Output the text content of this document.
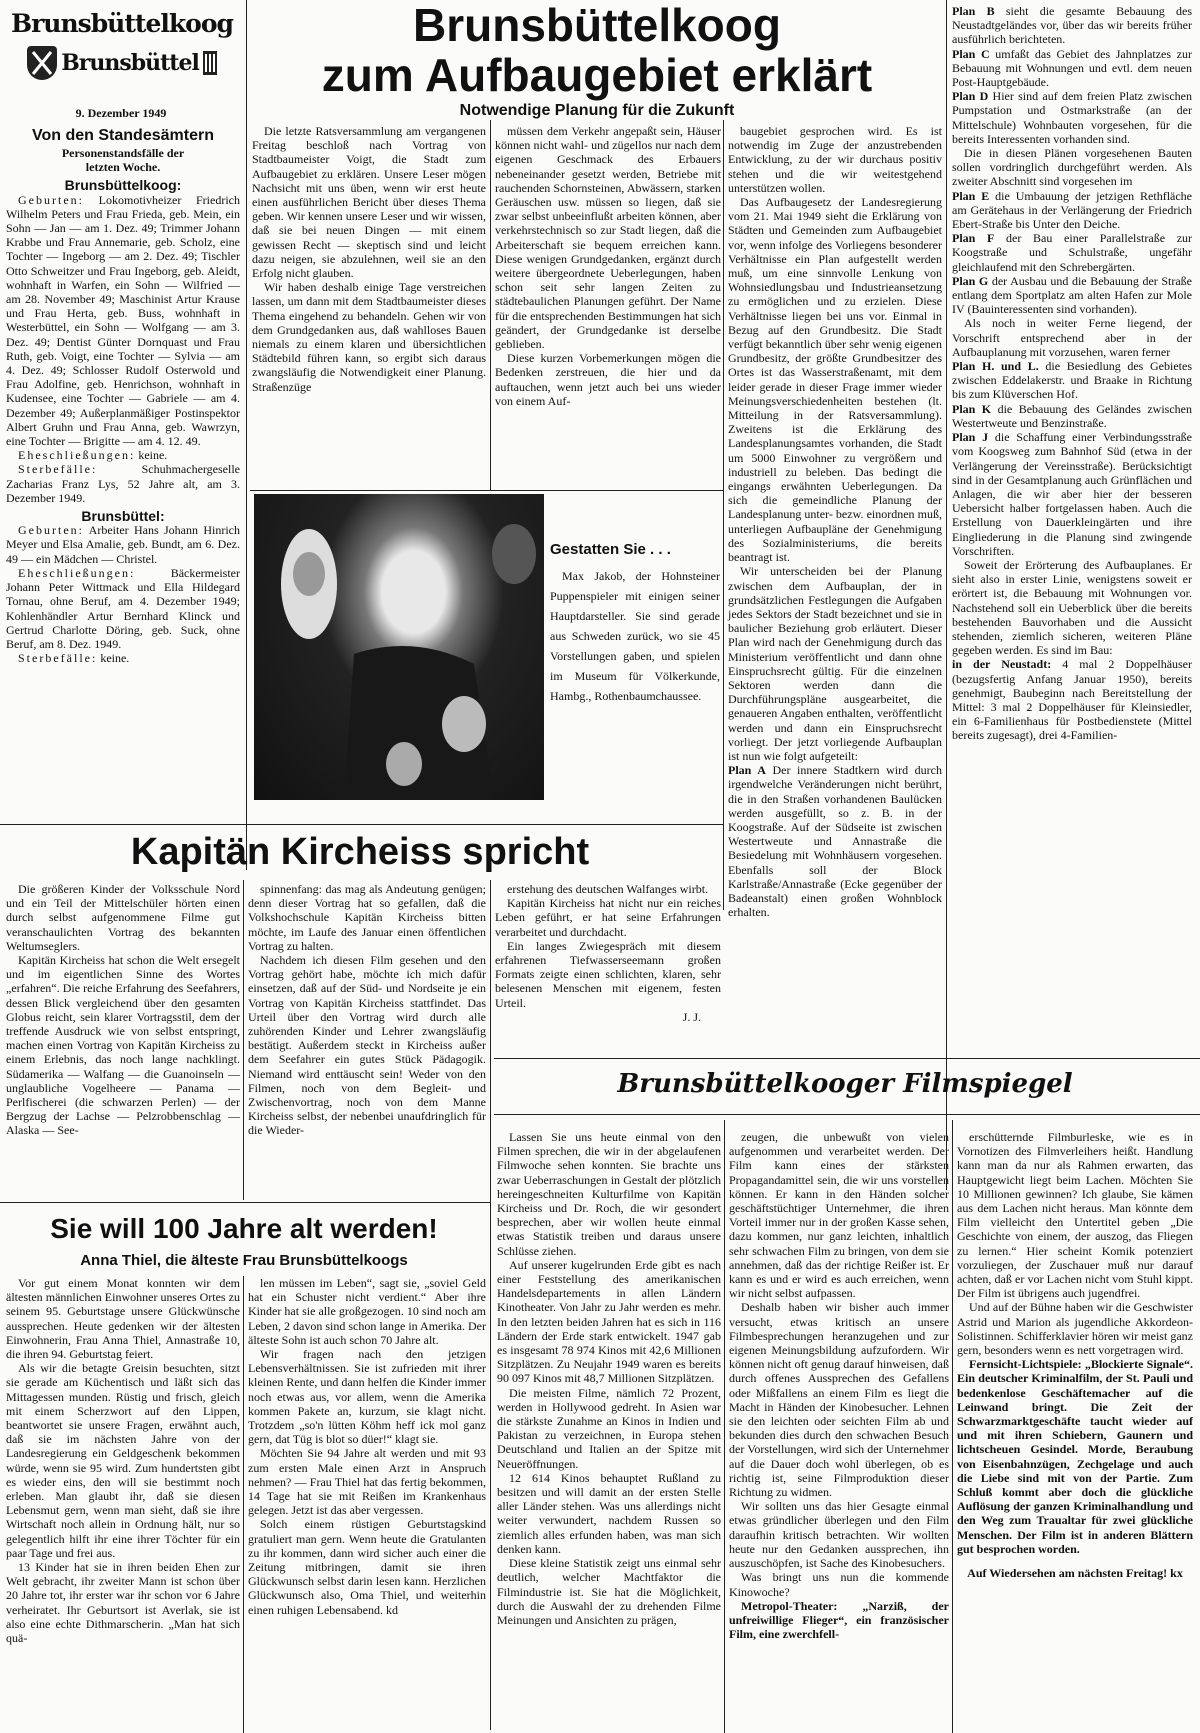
Brunsbüttelkoog
Brunsbüttel
9. Dezember 1949
Von den Standesämtern
Personenstandsfälle der letzten Woche.
Brunsbüttelkoog:

Geburten: Lokomotivheizer Friedrich Wilhelm Peters und Frau Frieda, geb. Mein, ein Sohn — Jan — am 1. Dez. 49; Trimmer Johann Krabbe und Frau Annemarie, geb. Scholz, eine Tochter — Ingeborg — am 2. Dez. 49; Tischler Otto Schweitzer und Frau Ingeborg, geb. Aleidt, wohnhaft in Warfen, ein Sohn — Wilfried — am 28. November 49; Maschinist Artur Krause und Frau Herta, geb. Buss, wohnhaft in Westerbüttel, ein Sohn — Wolfgang — am 3. Dez. 49; Dentist Günter Dornquast und Frau Ruth, geb. Voigt, eine Tochter — Sylvia — am 4. Dez. 49; Schlosser Rudolf Osterwold und Frau Adolfine, geb. Henrichson, wohnhaft in Kudensee, eine Tochter — Gabriele — am 4. Dezember 49; Außerplanmäßiger Postinspektor Albert Gruhn und Frau Anna, geb. Wawrzyn, eine Tochter — Brigitte — am 4. 12. 49.

Eheschließungen: keine.

Sterbefälle:	Schuhmachergeselle Zacharias Franz Lys, 52 Jahre alt, am 3. Dezember 1949.

Brunsbüttel:

Geburten: Arbeiter Hans Johann Hinrich Meyer und Elsa Amalie, geb. Bundt, am 6. Dez. 49 — ein Mädchen — Christel.

Eheschließungen:	Bäckermeister Johann Peter Wittmack und Ella Hildegard Tornau, ohne Beruf, am 4. Dezember 1949; Kohlenhändler Artur Bernhard Klinck und Gertrud Charlotte Döring, geb. Suck, ohne Beruf, am 8. Dez. 1949.

Sterbefälle: keine.

Brunsbüttelkoog
zum Aufbaugebiet erklärt
Notwendige Planung für die Zukunft

Die letzte Ratsversammlung am vergangenen Freitag beschloß nach Vortrag von Stadtbaumeister Voigt, die Stadt zum Aufbaugebiet zu erklären. Unsere Leser mögen Nachsicht mit uns üben, wenn wir erst heute einen ausführlichen Bericht über dieses Thema geben. Wir kennen unsere Leser und wir wissen, daß sie bei neuen Dingen — mit einem gewissen Recht — skeptisch sind und leicht dazu neigen, sie abzulehnen, weil sie an den Erfolg nicht glauben.

Wir haben deshalb einige Tage verstreichen lassen, um dann mit dem Stadtbaumeister dieses Thema eingehend zu behandeln. Gehen wir von dem Grundgedanken aus, daß wahlloses Bauen niemals zu einem klaren und übersichtlichen Städtebild führen kann, so ergibt sich daraus zwangsläufig die Notwendigkeit einer Planung. Straßenzüge

müssen dem Verkehr angepaßt sein, Häuser können nicht wahl- und zügellos nur nach dem eigenen Geschmack des Erbauers nebeneinander gesetzt werden, Betriebe mit rauchenden Schornsteinen, Abwässern, starken Geräuschen usw. müssen so liegen, daß sie zwar selbst unbeeinflußt arbeiten können, aber verkehrstechnisch so zur Stadt liegen, daß die Arbeiterschaft sie bequem erreichen kann. Diese wenigen Grundgedanken, ergänzt durch weitere übergeordnete Ueberlegungen, haben schon seit sehr langen Zeiten zu städtebaulichen Planungen geführt. Der Name für die entsprechenden Bestimmungen hat sich geändert, der Grundgedanke ist derselbe geblieben.

Diese kurzen Vorbemerkungen mögen die Bedenken zerstreuen, die hier und da auftauchen, wenn jetzt auch bei uns wieder von einem Auf-

baugebiet gesprochen wird. Es ist notwendig im Zuge der anzustrebenden Entwicklung, zu der wir durchaus positiv stehen und die wir weitestgehend unterstützen wollen.

Das Aufbaugesetz der Landesregierung vom 21. Mai 1949 sieht die Erklärung von Städten und Gemeinden zum Aufbaugebiet vor, wenn infolge des Vorliegens besonderer Verhältnisse ein Plan aufgestellt werden muß, um eine sinnvolle Lenkung von Wohnsiedlungsbau und Industrieansetzung zu ermöglichen und zu erzielen. Diese Verhältnisse liegen bei uns vor. Einmal in Bezug auf den Grundbesitz. Die Stadt verfügt bekanntlich über sehr wenig eigenen Grundbesitz, der größte Grundbesitzer des Ortes ist das Wasserstraßenamt, mit dem leider gerade in dieser Frage immer wieder Meinungsverschiedenheiten bestehen (lt. Mitteilung in der Ratsversammlung). Zweitens ist die Erklärung des Landesplanungsamtes vorhanden, die Stadt um 5000 Einwohner zu vergrößern und industriell zu beleben. Das bedingt die eingangs erwähnten Ueberlegungen. Da sich die gemeindliche Planung der Landesplanung unter- bezw. einordnen muß, unterliegen Aufbaupläne der Genehmigung des Sozialministeriums, die bereits beantragt ist.

Wir unterscheiden bei der Planung zwischen dem Aufbauplan, der in grundsätzlichen Festlegungen die Aufgaben jedes Sektors der Stadt bezeichnet und sie in baulicher Beziehung grob erläutert. Dieser Plan wird nach der Genehmigung durch das Ministerium veröffentlicht und dann ohne Einspruchsrecht gültig. Für die einzelnen Sektoren werden dann die Durchführungspläne ausgearbeitet, die genaueren Angaben enthalten, veröffentlicht werden und dann ein Einspruchsrecht vorliegt. Der jetzt vorliegende Aufbauplan ist nun wie folgt aufgeteilt:

Plan A Der innere Stadtkern wird durch irgendwelche Veränderungen nicht berührt, die in den Straßen vorhandenen Baulücken werden ausgefüllt, so z. B. in der Koogstraße. Auf der Südseite ist zwischen Westertweute und Annastraße die Besiedelung mit Wohnhäusern vorgesehen. Ebenfalls soll der Block Karlstraße/Annastraße (Ecke gegenüber der Badeanstalt) einen großen Wohnblock erhalten.

Plan B sieht die gesamte Bebauung des Neustadtgeländes vor, über das wir bereits früher ausführlich berichteten.

Plan C umfaßt das Gebiet des Jahnplatzes zur Bebauung mit Wohnungen und evtl. dem neuen Post-Hauptgebäude.

Plan D Hier sind auf dem freien Platz zwischen Pumpstation und Ostmarkstraße (an der Mittelschule) Wohnbauten vorgesehen, für die bereits Interessenten vorhanden sind.

Die in diesen Plänen vorgesehenen Bauten sollen vordringlich durchgeführt werden. Als zweiter Abschnitt sind vorgesehen im

Plan E die Umbauung der jetzigen Rethfläche am Gerätehaus in der Verlängerung der Friedrich Ebert-Straße bis Unter den Deiche.

Plan F der Bau einer Parallelstraße zur Koogstraße und Schulstraße, ungefähr gleichlaufend mit den Schrebergärten.

Plan G der Ausbau und die Bebauung der Straße entlang dem Sportplatz am alten Hafen zur Mole IV (Bauinteressenten sind vorhanden).

Als noch in weiter Ferne liegend, der Vorschrift entsprechend aber in der Aufbauplanung mit vorzusehen, waren ferner

Plan H. und L. die Besiedlung des Gebietes zwischen Eddelakerstr. und Braake in Richtung bis zum Klüverschen Hof.

Plan K die Bebauung des Geländes zwischen Westertweute und Benzinstraße.

Plan J die Schaffung einer Verbindungsstraße vom Koogsweg zum Bahnhof Süd (etwa in der Verlängerung der Vereinsstraße). Berücksichtigt sind in der Gesamtplanung auch Grünflächen und Anlagen, die wir aber hier der besseren Uebersicht halber fortgelassen haben. Auch die Erstellung von Dauerkleingärten und ihre Eingliederung in die Planung sind zwingende Vorschriften.

Soweit der Erörterung des Aufbauplanes. Er sieht also in erster Linie, wenigstens soweit er erörtert ist, die Bebauung mit Wohnungen vor. Nachstehend soll ein Ueberblick über die bereits bestehenden Bauvorhaben und die Aussicht stehenden, ziemlich sicheren, weiteren Pläne gegeben werden. Es sind im Bau:

in der Neustadt: 4 mal 2 Doppelhäuser (bezugsfertig Anfang Januar 1950), bereits genehmigt, Baubeginn nach Bereitstellung der Mittel: 3 mal 2 Doppelhäuser für Kleinsiedler, ein 6-Familienhaus für Postbedienstete (Mittel bereits zugesagt), drei 4-Familien-

Gestatten Sie . . .

Max Jakob, der Hohnsteiner Puppenspieler mit einigen seiner Hauptdarsteller. Sie sind gerade aus Schweden zurück, wo sie 45 Vorstellungen gaben, und spielen im Museum für Völkerkunde, Hambg., Rothenbaumchaussee.

Kapitän Kircheiss spricht

Die größeren Kinder der Volksschule Nord und ein Teil der Mittelschüler hörten einen durch selbst aufgenommene Filme gut veranschaulichten Vortrag des bekannten Weltumseglers.

Kapitän Kircheiss hat schon die Welt ersegelt und im eigentlichen Sinne des Wortes „erfahren“. Die reiche Erfahrung des Seefahrers, dessen Blick vergleichend über den gesamten Globus reicht, sein klarer Vortragsstil, dem der treffende Ausdruck wie von selbst entspringt, machen einen Vortrag von Kapitän Kircheiss zu einem Erlebnis, das noch lange nachklingt. Südamerika — Walfang — die Guanoinseln — unglaubliche Vogelheere — Panama — Perlfischerei (die schwarzen Perlen) — der Bergzug der Lachse — Pelzrobbenschlag — Alaska — See-

spinnenfang: das mag als Andeutung genügen; denn dieser Vortrag hat so gefallen, daß die Volkshochschule Kapitän Kircheiss bitten möchte, im Laufe des Januar einen öffentlichen Vortrag zu halten.

Nachdem ich diesen Film gesehen und den Vortrag gehört habe, möchte ich mich dafür einsetzen, daß auf der Süd- und Nordseite je ein Vortrag von Kapitän Kircheiss stattfindet. Das Urteil über den Vortrag wird durch alle zuhörenden Kinder und Lehrer zwangsläufig bestätigt. Außerdem steckt in Kircheiss außer dem Seefahrer ein gutes Stück Pädagogik. Niemand wird enttäuscht sein! Weder von den Filmen, noch von dem Begleit- und Zwischenvortrag, noch von dem Manne Kircheiss selbst, der nebenbei unaufdringlich für die Wieder-

erstehung des deutschen Walfanges wirbt.

Kapitän Kircheiss hat nicht nur ein reiches Leben geführt, er hat seine Erfahrungen verarbeitet und durchdacht.

Ein langes Zwiegespräch mit diesem erfahrenen Tiefwasserseemann großen Formats zeigte einen schlichten, klaren, sehr belesenen Menschen mit eigenem, festen Urteil.

J. J.
Brunsbüttelkooger Filmspiegel

Lassen Sie uns heute einmal von den Filmen sprechen, die wir in der abgelaufenen Filmwoche sehen konnten. Sie brachte uns zwar Ueberraschungen in Gestalt der plötzlich hereingeschneiten Kulturfilme von Kapitän Kircheiss und Dr. Roch, die wir gesondert besprechen, aber wir wollen heute einmal etwas Statistik treiben und daraus unsere Schlüsse ziehen.

Auf unserer kugelrunden Erde gibt es nach einer Feststellung des amerikanischen Handelsdepartements in allen Ländern Kinotheater. Von Jahr zu Jahr werden es mehr. In den letzten beiden Jahren hat es sich in 116 Ländern der Erde stark entwickelt. 1947 gab es insgesamt 78 974 Kinos mit 42,6 Millionen Sitzplätzen. Zu Neujahr 1949 waren es bereits 90 097 Kinos mit 48,7 Millionen Sitzplätzen.

Die meisten Filme, nämlich 72 Prozent, werden in Hollywood gedreht. In Asien war die stärkste Zunahme an Kinos in Indien und Pakistan zu verzeichnen, in Europa stehen Deutschland und Italien an der Spitze mit Neueröffnungen.

12 614 Kinos behauptet Rußland zu besitzen und will damit an der ersten Stelle aller Länder stehen. Was uns allerdings nicht weiter verwundert, nachdem Russen so ziemlich alles erfunden haben, was man sich denken kann.

Diese kleine Statistik zeigt uns einmal sehr deutlich, welcher Machtfaktor die Filmindustrie ist. Sie hat die Möglichkeit, durch die Auswahl der zu drehenden Filme Meinungen und Ansichten zu prägen,

zeugen, die unbewußt von vielen aufgenommen und verarbeitet werden. Der Film kann eines der stärksten Propagandamittel sein, die wir uns vorstellen können. Er kann in den Händen solcher geschäftstüchtiger Unternehmer, die ihren Vorteil immer nur in der großen Kasse sehen, dazu kommen, nur ganz leichten, inhaltlich sehr schwachen Film zu bringen, von dem sie annehmen, daß das der richtige Reißer ist. Er kann es und er wird es auch erreichen, wenn wir nicht selbst aufpassen.

Deshalb haben wir bisher auch immer versucht, etwas kritisch an unsere Filmbesprechungen heranzugehen und zur eigenen Meinungsbildung aufzufordern. Wir können nicht oft genug darauf hinweisen, daß durch offenes Aussprechen des Gefallens oder Mißfallens an einem Film es liegt die Macht in Händen der Kinobesucher. Lehnen sie den leichten oder seichten Film ab und bekunden dies durch den schwachen Besuch der Vorstellungen, wird sich der Unternehmer auf die Dauer doch wohl überlegen, ob es richtig ist, seine Filmproduktion dieser Richtung zu widmen.

Wir sollten uns das hier Gesagte einmal etwas gründlicher überlegen und den Film daraufhin kritisch betrachten. Wir wollten heute nur den Gedanken aussprechen, ihn auszuschöpfen, ist Sache des Kinobesuchers.

Was bringt uns nun die kommende Kinowoche?

Metropol-Theater: „Narziß, der unfreiwillige Flieger“, ein französischer Film, eine zwerchfell-

erschütternde Filmburleske, wie es in Vornotizen des Filmverleihers heißt. Handlung kann man da nur als Rahmen erwarten, das Hauptgewicht liegt beim Lachen. Möchten Sie 10 Millionen gewinnen? Ich glaube, Sie kämen aus dem Lachen nicht heraus. Man könnte dem Film vielleicht den Untertitel geben „Die Geschichte von einem, der auszog, das Fliegen zu lernen.“ Hier scheint Komik potenziert vorzuliegen, der Zuschauer muß nur darauf achten, daß er vor Lachen nicht vom Stuhl kippt. Der Film ist übrigens auch jugendfrei.

Und auf der Bühne haben wir die Geschwister Astrid und Marion als jugendliche Akkordeon-Solistinnen. Schifferklavier hören wir meist ganz gern, besonders wenn es nett vorgetragen wird.

Fernsicht-Lichtspiele: „Blockierte Signale“. Ein deutscher Kriminalfilm, der St. Pauli und bedenkenlose Geschäftemacher auf die Leinwand bringt. Die Zeit der Schwarzmarktgeschäfte taucht wieder auf und mit ihren Schiebern, Gaunern und lichtscheuen Gesindel. Morde, Beraubung von Eisenbahnzügen, Zechgelage und auch die Liebe sind mit von der Partie. Zum Schluß kommt aber doch die glückliche Auflösung der ganzen Kriminalhandlung und den Weg zum Traualtar für zwei glückliche Menschen. Der Film ist in anderen Blättern gut besprochen worden.

Auf Wiedersehen am nächsten Freitag! kx

Sie will 100 Jahre alt werden!
Anna Thiel, die älteste Frau Brunsbüttelkoogs

Vor gut einem Monat konnten wir dem ältesten männlichen Einwohner unseres Ortes zu seinem 95. Geburtstage unsere Glückwünsche aussprechen. Heute gedenken wir der ältesten Einwohnerin, Frau Anna Thiel, Annastraße 10, die ihren 94. Geburtstag feiert.

Als wir die betagte Greisin besuchten, sitzt sie gerade am Küchentisch und läßt sich das Mittagessen munden. Rüstig und frisch, gleich mit einem Scherzwort auf den Lippen, beantwortet sie unsere Fragen, erwähnt auch, daß sie im nächsten Jahre von der Landesregierung ein Geldgeschenk bekommen würde, wenn sie 95 wird. Zum hundertsten gibt es wieder eins, den will sie bestimmt noch erleben. Man glaubt ihr, daß sie diesen Lebensmut gern, wenn man sieht, daß sie ihre Wirtschaft noch allein in Ordnung hält, nur so gelegentlich hilft ihr eine ihrer Töchter für ein paar Tage und frei aus.

13 Kinder hat sie in ihren beiden Ehen zur Welt gebracht, ihr zweiter Mann ist schon über 20 Jahre tot, ihr erster war ihr schon vor 6 Jahre verheiratet. Ihr Geburtsort ist Averlak, sie ist also eine echte Dithmarscherin. „Man hat sich quä-

len müssen im Leben“, sagt sie, „soviel Geld hat ein Schuster nicht verdient.“ Aber ihre Kinder hat sie alle großgezogen. 10 sind noch am Leben, 2 davon sind schon lange in Amerika. Der älteste Sohn ist auch schon 70 Jahre alt.

Wir fragen nach den jetzigen Lebensverhältnissen. Sie ist zufrieden mit ihrer kleinen Rente, und dann helfen die Kinder immer noch etwas aus, vor allem, wenn die Amerika kommen Pakete an, kurzum, sie klagt nicht. Trotzdem „so'n lütten Köhm heff ick mol ganz gern, dat Tüg is blot so düer!“ klagt sie.

Möchten Sie 94 Jahre alt werden und mit 93 zum ersten Male einen Arzt in Anspruch nehmen? — Frau Thiel hat das fertig bekommen, 14 Tage hat sie mit Reißen im Krankenhaus gelegen. Jetzt ist das aber vergessen.

Solch einem rüstigen Geburtstagskind gratuliert man gern. Wenn heute die Gratulanten zu ihr kommen, dann wird sicher auch einer die Zeitung mitbringen, damit sie ihren Glückwunsch selbst darin lesen kann. Herzlichen Glückwunsch also, Oma Thiel, und weiterhin einen ruhigen Lebensabend. kd
